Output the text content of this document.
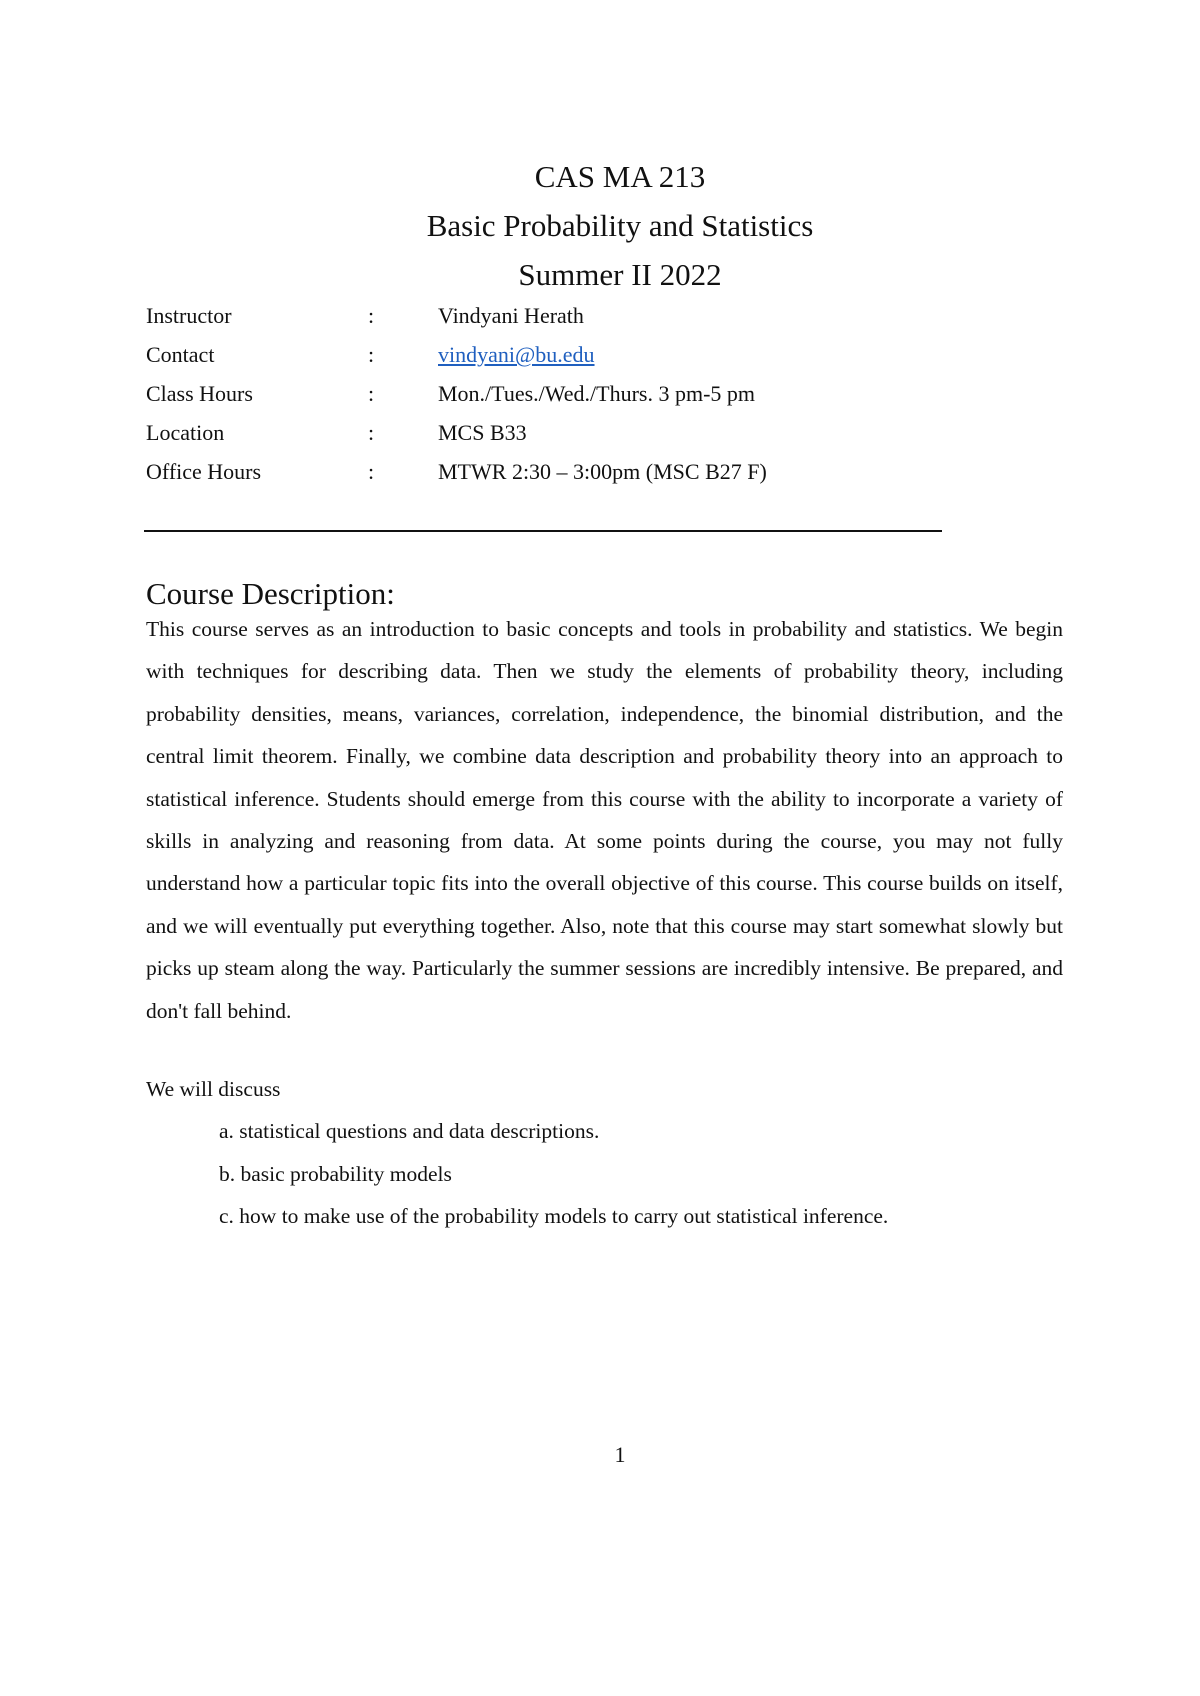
CAS MA 213
Basic Probability and Statistics
Summer II 2022
Instructor	:	Vindyani Herath
Contact	:	vindyani@bu.edu
Class Hours	:	Mon./Tues./Wed./Thurs. 3 pm-5 pm
Location	:	MCS B33
Office Hours	:	MTWR 2:30 – 3:00pm (MSC B27 F)
Course Description:
This course serves as an introduction to basic concepts and tools in probability and statistics. We begin with techniques for describing data. Then we study the elements of probability theory, including probability densities, means, variances, correlation, independence, the binomial distribution, and the central limit theorem. Finally, we combine data description and probability theory into an approach to statistical inference. Students should emerge from this course with the ability to incorporate a variety of skills in analyzing and reasoning from data. At some points during the course, you may not fully understand how a particular topic fits into the overall objective of this course. This course builds on itself, and we will eventually put everything together. Also, note that this course may start somewhat slowly but picks up steam along the way. Particularly the summer sessions are incredibly intensive. Be prepared, and don't fall behind.
We will discuss
a. statistical questions and data descriptions.
b. basic probability models
c. how to make use of the probability models to carry out statistical inference.
1
